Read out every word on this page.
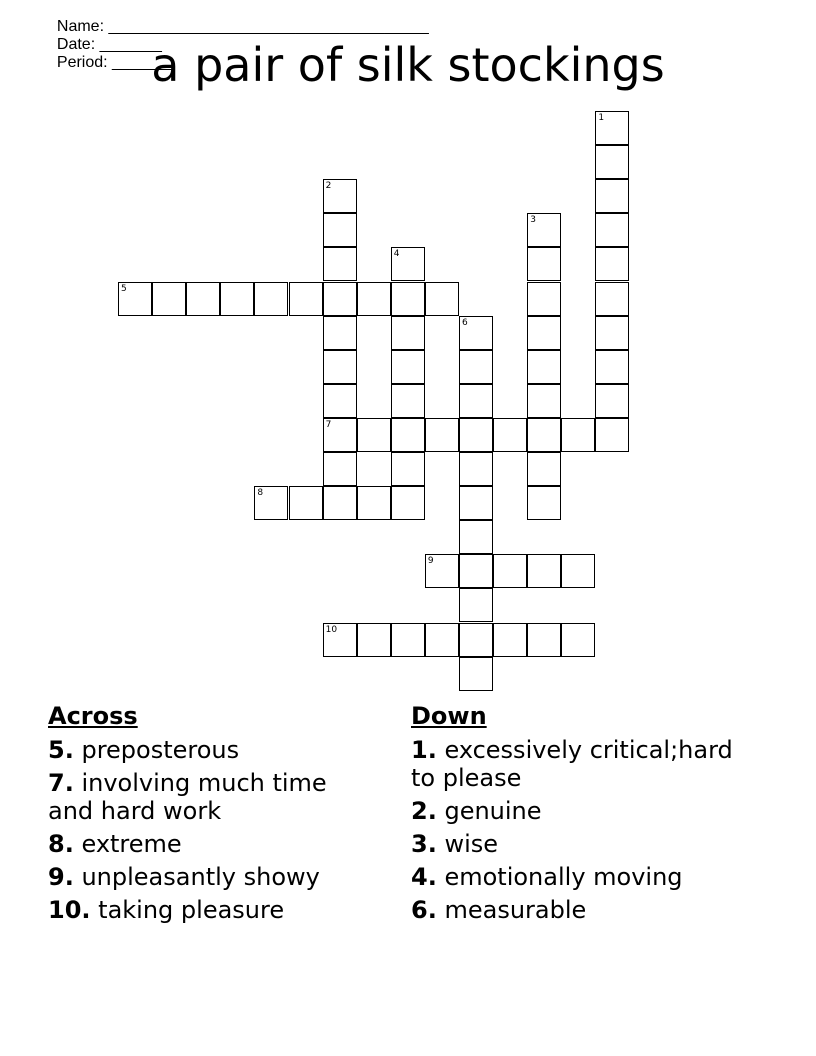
Name: ____________________________________
Date: _______
Period: _______

a pair of silk stockings
1
2
7
3
4
5
6
8
9
10
Across
5. preposterous
7. involving much time and hard work
8. extreme
9. unpleasantly showy
10. taking pleasure
Down
1. excessively critical;hard to please
2. genuine
3. wise
4. emotionally moving
6. measurable
